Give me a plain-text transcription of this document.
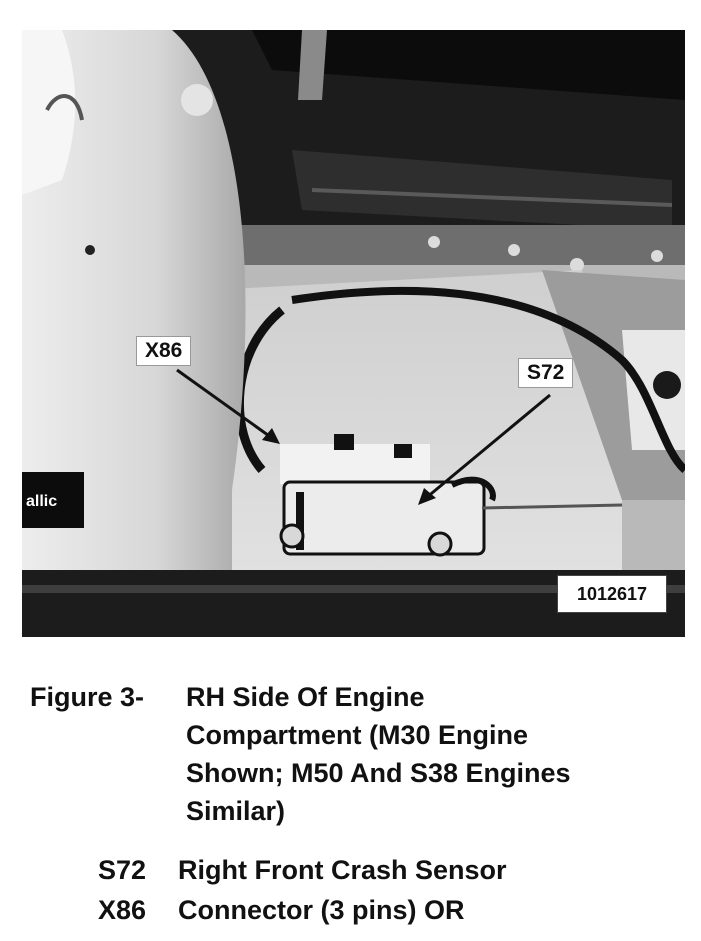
allic
X86
S72
1012617
Figure 3- RH Side Of Engine
Compartment (M30 Engine
Shown; M50 And S38 Engines
Similar)
S72 Right Front Crash Sensor
X86 Connector (3 pins) OR
